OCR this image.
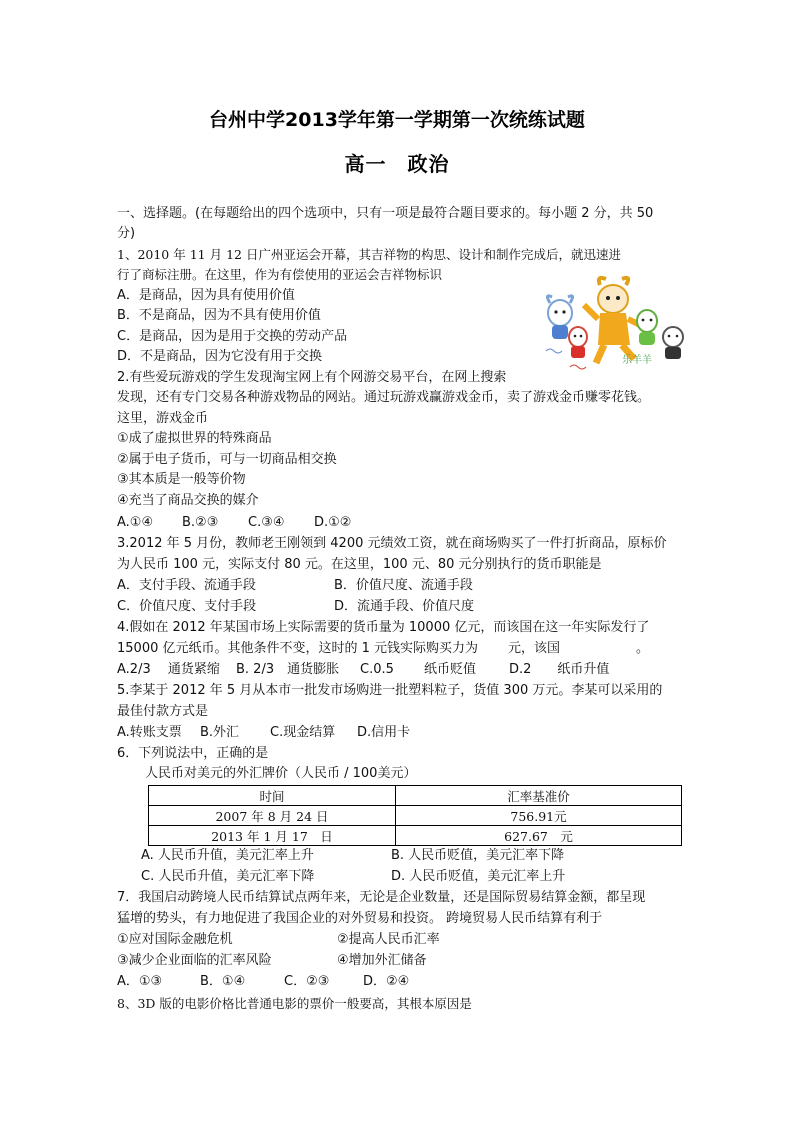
台州中学2013学年第一学期第一次统练试题
高一　政治
一、选择题。(在每题给出的四个选项中，只有一项是最符合题目要求的。每小题 2 分，共 50
分)
1、2010 年 11 月 12 日广州亚运会开幕，其吉祥物的构思、设计和制作完成后，就迅速进
行了商标注册。在这里，作为有偿使用的亚运会吉祥物标识
A．是商品，因为具有使用价值
B．不是商品，因为不具有使用价值
C．是商品，因为是用于交换的劳动产品
D．不是商品，因为它没有用于交换	乐羊羊
2.有些爱玩游戏的学生发现淘宝网上有个网游交易平台，在网上搜索
发现，还有专门交易各种游戏物品的网站。通过玩游戏赢游戏金币，卖了游戏金币赚零花钱。
这里，游戏金币
①成了虚拟世界的特殊商品
②属于电子货币，可与一切商品相交换
③其本质是一般等价物
④充当了商品交换的媒介
A.①④ B.②③ C.③④ D.①②
3.2012 年 5 月份，教师老王刚领到 4200 元绩效工资，就在商场购买了一件打折商品，原标价
为人民币 100 元，实际支付 80 元。在这里，100 元、80 元分别执行的货币职能是
A．支付手段、流通手段	B．价值尺度、流通手段
C．价值尺度、支付手段	D．流通手段、价值尺度
4.假如在 2012 年某国市场上实际需要的货币量为 10000 亿元，而该国在这一年实际发行了
15000 亿元纸币。其他条件不变，这时的 1 元钱实际购买力为 元，该国	。
A.2/3　 通货紧缩 B. 2/3　通货膨胀 C.0.5　　 纸币贬值	D.2　　纸币升值
5.李某于 2012 年 5 月从本市一批发市场购进一批塑料粒子，货值 300 万元。李某可以采用的
最佳付款方式是
A.转账支票 B.外汇 C.现金结算 D.信用卡
6．下列说法中，正确的是
人民币对美元的外汇牌价（人民币 / 100美元）
时间	汇率基准价
2007 年 8 月 24 日	756.91元
2013 年 1 月 17　日	627.67　元
A. 人民币升值，美元汇率上升	B. 人民币贬值，美元汇率下降
C. 人民币升值，美元汇率下降	D. 人民币贬值，美元汇率上升
7．我国启动跨境人民币结算试点两年来，无论是企业数量，还是国际贸易结算金额，都呈现
猛增的势头，有力地促进了我国企业的对外贸易和投资。 跨境贸易人民币结算有利于
①应对国际金融危机	②提高人民币汇率
③减少企业面临的汇率风险	④增加外汇储备
A．①③	B．①④	C．②③	D．②④
8、3D 版的电影价格比普通电影的票价一般要高，其根本原因是
